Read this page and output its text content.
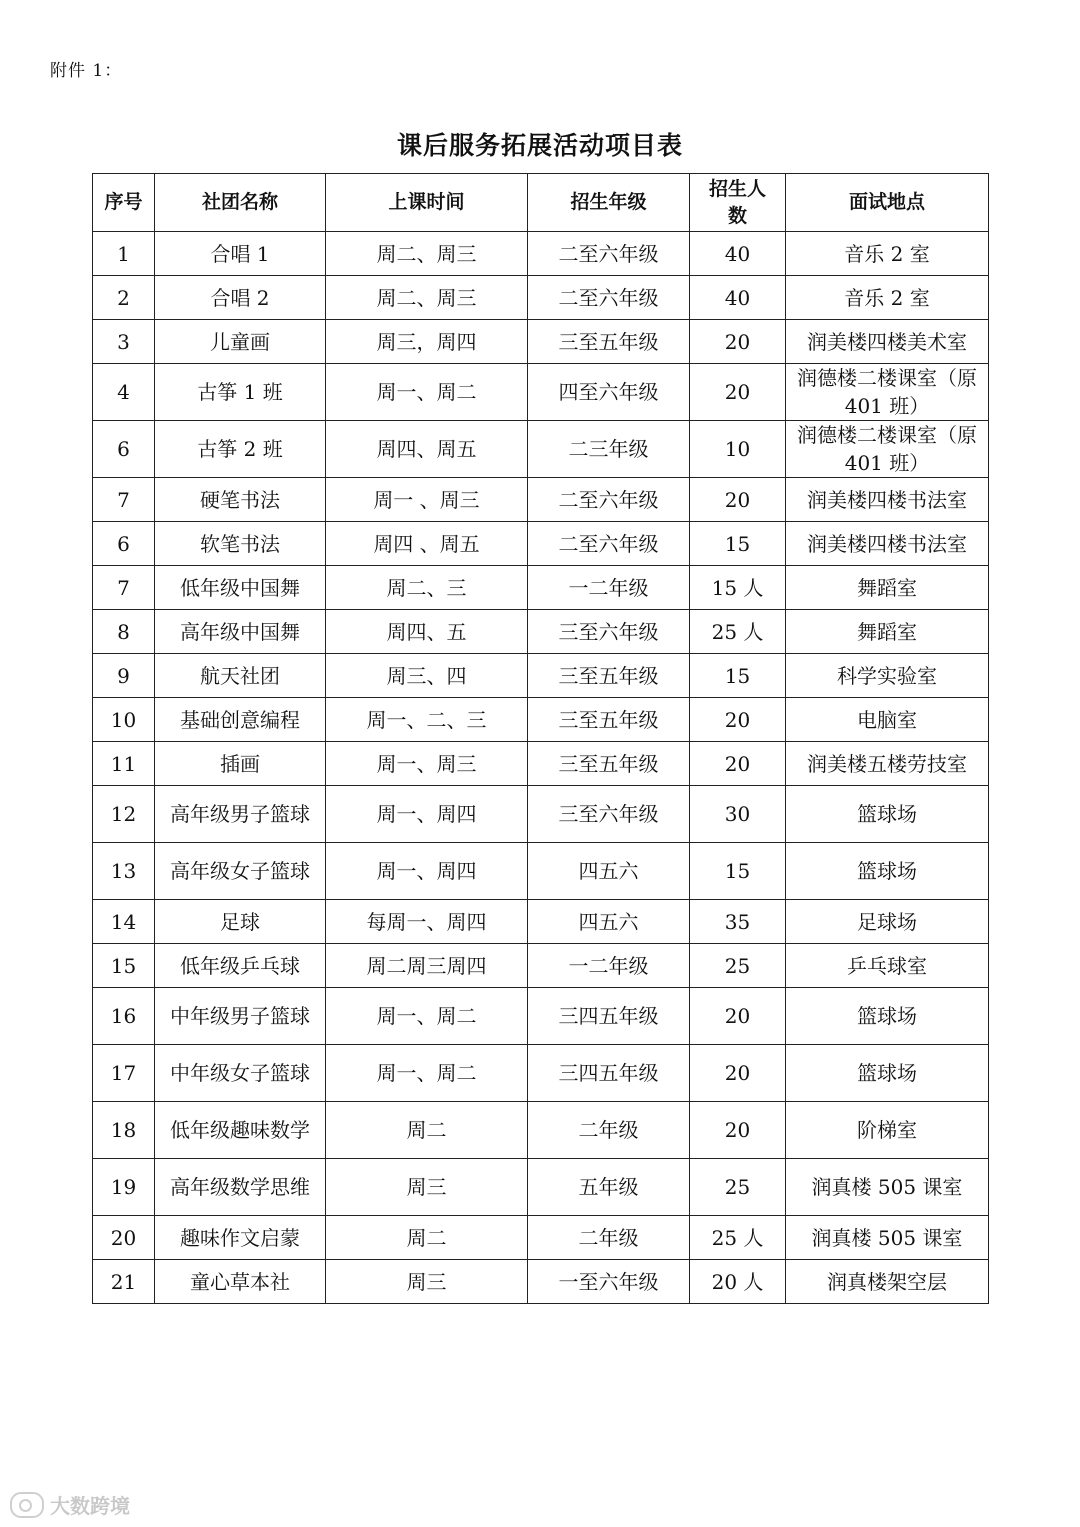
附件 1：
课后服务拓展活动项目表
序号	社团名称	上课时间	招生年级	招生人数	面试地点
1	合唱 1	周二、周三	二至六年级	40	音乐 2 室
2	合唱 2	周二、周三	二至六年级	40	音乐 2 室
3	儿童画	周三，周四	三至五年级	20	润美楼四楼美术室
4	古筝 1 班	周一、周二	四至六年级	20	润德楼二楼课室（原 401 班）
6	古筝 2 班	周四、周五	二三年级	10	润德楼二楼课室（原 401 班）
7	硬笔书法	周一 、周三	二至六年级	20	润美楼四楼书法室
6	软笔书法	周四 、周五	二至六年级	15	润美楼四楼书法室
7	低年级中国舞	周二、三	一二年级	15 人	舞蹈室
8	高年级中国舞	周四、五	三至六年级	25 人	舞蹈室
9	航天社团	周三、四	三至五年级	15	科学实验室
10	基础创意编程	周一、二、三	三至五年级	20	电脑室
11	插画	周一、周三	三至五年级	20	润美楼五楼劳技室
12	高年级男子篮球	周一、周四	三至六年级	30	篮球场
13	高年级女子篮球	周一、周四	四五六	15	篮球场
14	足球	每周一、周四	四五六	35	足球场
15	低年级乒乓球	周二周三周四	一二年级	25	乒乓球室
16	中年级男子篮球	周一、周二	三四五年级	20	篮球场
17	中年级女子篮球	周一、周二	三四五年级	20	篮球场
18	低年级趣味数学	周二	二年级	20	阶梯室
19	高年级数学思维	周三	五年级	25	润真楼 505 课室
20	趣味作文启蒙	周二	二年级	25 人	润真楼 505 课室
21	童心草本社	周三	一至六年级	20 人	润真楼架空层
大数跨境
